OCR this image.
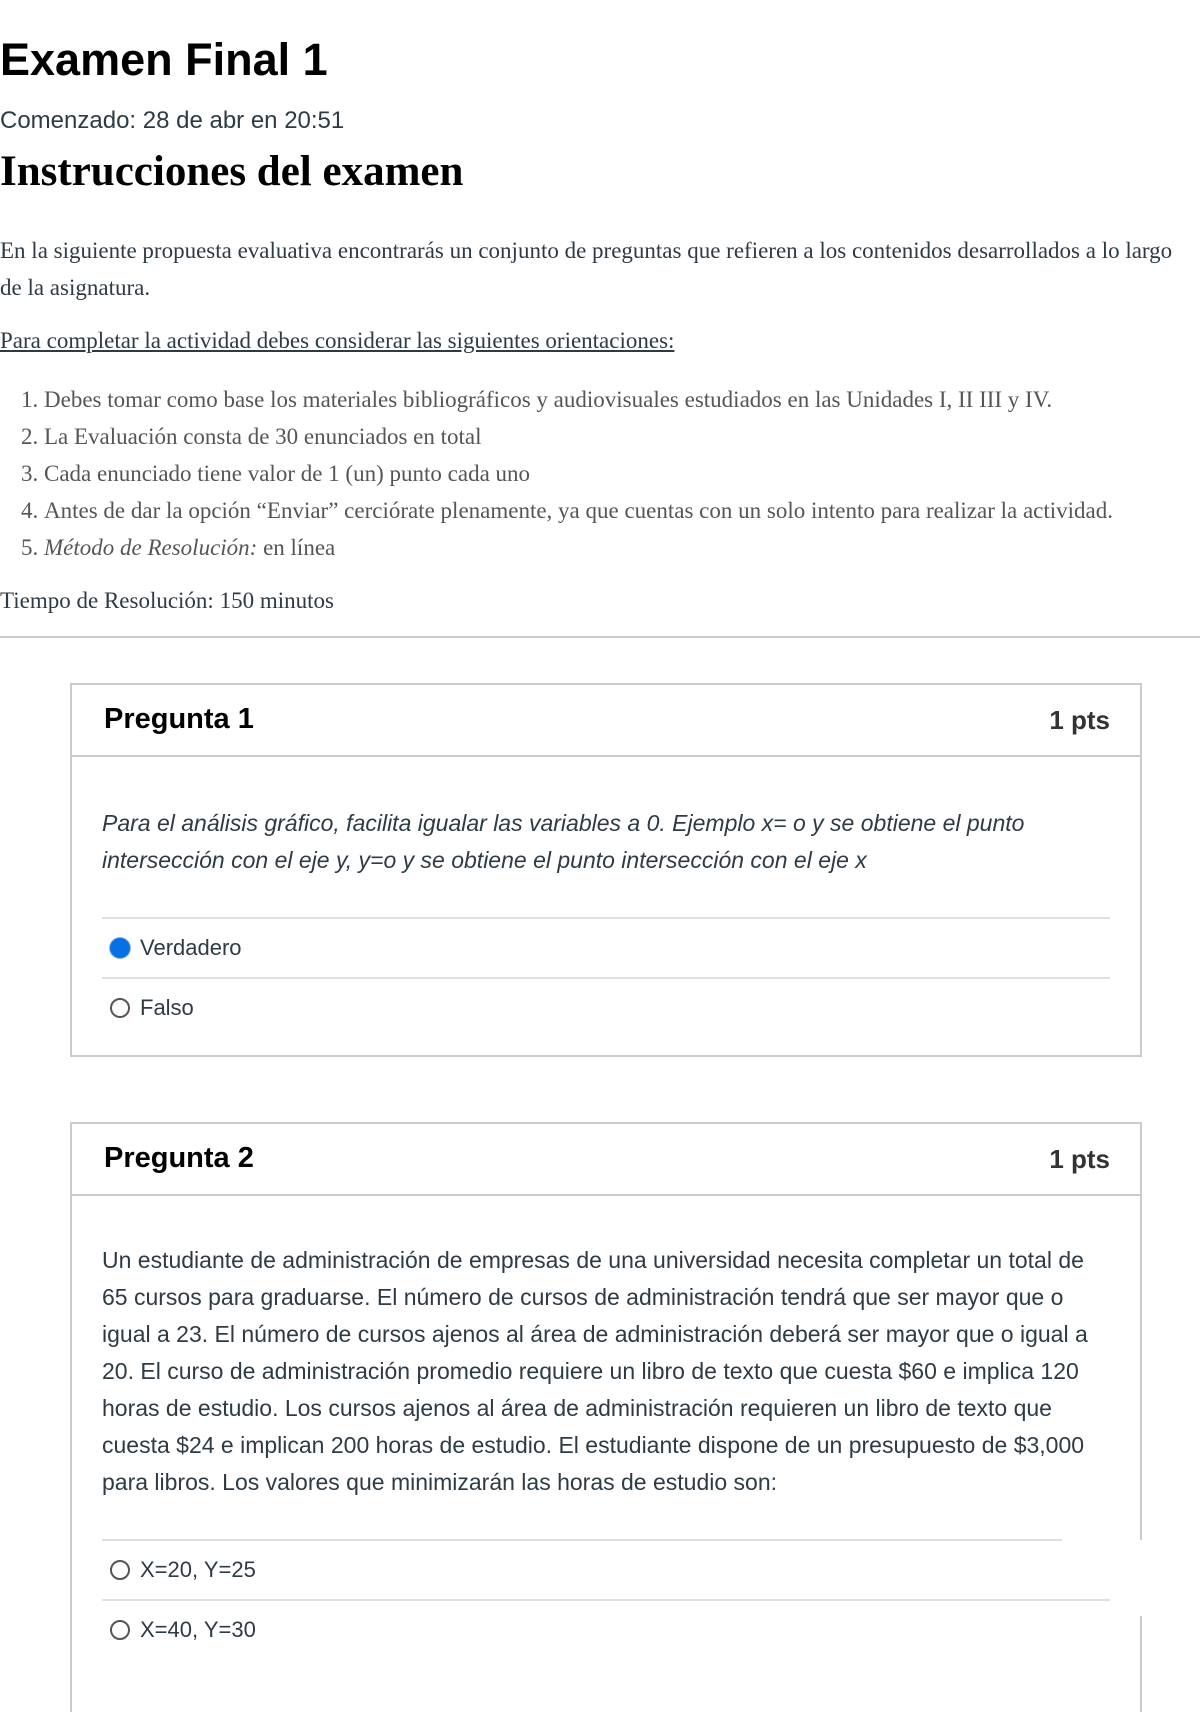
Examen Final 1
Comenzado: 28 de abr en 20:51
Instrucciones del examen

En la siguiente propuesta evaluativa encontrarás un conjunto de preguntas que refieren a los contenidos desarrollados a lo largo de la asignatura.

Para completar la actividad debes considerar las siguientes orientaciones:

1. Debes tomar como base los materiales bibliográficos y audiovisuales estudiados en las Unidades I, II III y IV.
2. La Evaluación consta de 30 enunciados en total
3. Cada enunciado tiene valor de 1 (un) punto cada uno
4. Antes de dar la opción “Enviar” cerciórate plenamente, ya que cuentas con un solo intento para realizar la actividad.
5. Método de Resolución: en línea
Tiempo de Resolución: 150 minutos
Pregunta 1	1 pts

Para el análisis gráfico, facilita igualar las variables a 0. Ejemplo x= o y se obtiene el punto intersección con el eje y, y=o y se obtiene el punto intersección con el eje x

Verdadero
Falso
Pregunta 2	1 pts

Un estudiante de administración de empresas de una universidad necesita completar un total de 65 cursos para graduarse. El número de cursos de administración tendrá que ser mayor que o igual a 23. El número de cursos ajenos al área de administración deberá ser mayor que o igual a 20. El curso de administración promedio requiere un libro de texto que cuesta $60 e implica 120 horas de estudio. Los cursos ajenos al área de administración requieren un libro de texto que cuesta $24 e implican 200 horas de estudio. El estudiante dispone de un presupuesto de $3,000 para libros. Los valores que minimizarán las horas de estudio son:

X=20, Y=25
X=40, Y=30
